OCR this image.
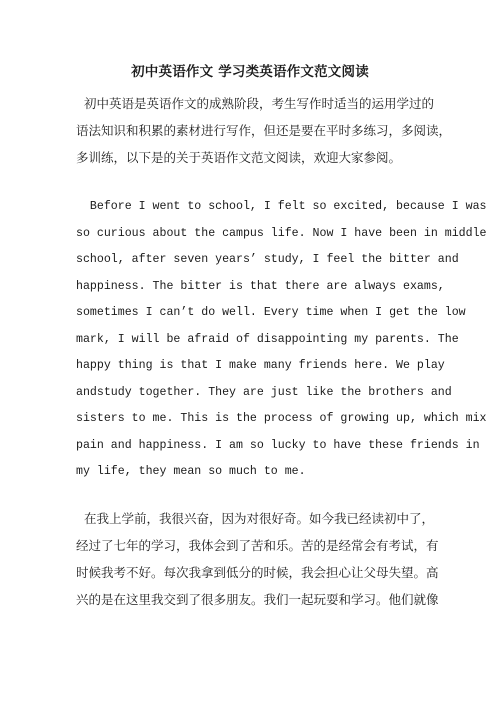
初中英语作文 学习类英语作文范文阅读
初中英语是英语作文的成熟阶段，考生写作时适当的运用学过的
语法知识和积累的素材进行写作，但还是要在平时多练习，多阅读，
多训练，以下是的关于英语作文范文阅读，欢迎大家参阅。
Before I went to school, I felt so excited, because I was
so curious about the campus life. Now I have been in middle
school, after seven years’ study, I feel the bitter and
happiness. The bitter is that there are always exams,
sometimes I can’t do well. Every time when I get the low
mark, I will be afraid of disappointing my parents. The
happy thing is that I make many friends here. We play
andstudy together. They are just like the brothers and
sisters to me. This is the process of growing up, which mix
pain and happiness. I am so lucky to have these friends in
my life, they mean so much to me.
在我上学前，我很兴奋，因为对很好奇。如今我已经读初中了，
经过了七年的学习，我体会到了苦和乐。苦的是经常会有考试，有
时候我考不好。每次我拿到低分的时候，我会担心让父母失望。高
兴的是在这里我交到了很多朋友。我们一起玩耍和学习。他们就像
